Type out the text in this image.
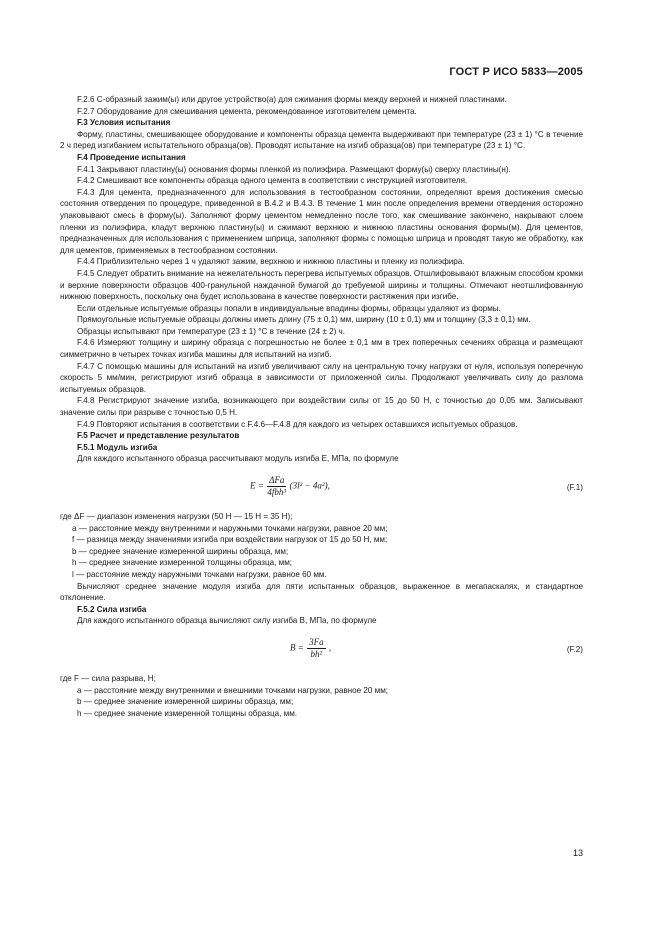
ГОСТ Р ИСО 5833—2005

F.2.6 С-образный зажим(ы) или другое устройство(а) для сжимания формы между верхней и нижней пластинами.

F.2.7 Оборудование для смешивания цемента, рекомендованное изготовителем цемента.

F.3 Условия испытания

Форму, пластины, смешивающее оборудование и компоненты образца цемента выдерживают при температуре (23 ± 1) °С в течение 2 ч перед изгибанием испытательного образца(ов). Проводят испытание на изгиб образца(ов) при температуре (23 ± 1) °С.

F.4 Проведение испытания

F.4.1 Закрывают пластину(ы) основания формы пленкой из полиэфира. Размещают форму(ы) сверху пластины(н).

F.4.2 Смешивают все компоненты образца одного цемента в соответствии с инструкцией изготовителя.

F.4.3 Для цемента, предназначенного для использования в тестообразном состоянии, определяют время достижения смесью состояния отвердения по процедуре, приведенной в В.4.2 и В.4.3. В течение 1 мин после определения времени отвердения осторожно упаковывают смесь в форму(ы). Заполняют форму цементом немедленно после того, как смешивание закончено, накрывают слоем пленки из полиэфира, кладут верхнюю пластину(ы) и сжимают верхнюю и нижнюю пластины основания формы(м). Для цементов, предназначенных для использования с применением шприца, заполняют формы с помощью шприца и проводят такую же обработку, как для цементов, применяемых в тестообразном состоянии.

F.4.4 Приблизительно через 1 ч удаляют зажим, верхнюю и нижнюю пластины и пленку из полиэфира.

F.4.5 Следует обратить внимание на нежелательность перегрева испытуемых образцов. Отшлифовывают влажным способом кромки и верхние поверхности образцов 400-гранульной наждачной бумагой до требуемой ширины и толщины. Отмечают неотшлифованную нижнюю поверхность, поскольку она будет использована в качестве поверхности растяжения при изгибе.

Если отдельные испытуемые образцы попали в индивидуальные впадины формы, образцы удаляют из формы.

Прямоугольные испытуемые образцы должны иметь длину (75 ± 0,1) мм, ширину (10 ± 0,1) мм и толщину (3,3 ± 0,1) мм.

Образцы испытывают при температуре (23 ± 1) °С в течение (24 ± 2) ч.

F.4.6 Измеряют толщину и ширину образца с погрешностью не более ± 0,1 мм в трех поперечных сечениях образца и размещают симметрично в четырех точках изгиба машины для испытаний на изгиб.

F.4.7 С помощью машины для испытаний на изгиб увеличивают силу на центральную точку нагрузки от нуля, используя поперечную скорость 5 мм/мин, регистрируют изгиб образца в зависимости от приложенной силы. Продолжают увеличивать силу до разлома испытуемых образцов.

F.4.8 Регистрируют значение изгиба, возникающего при воздействии силы от 15 до 50 Н, с точностью до 0,05 мм. Записывают значение силы при разрыве с точностью 0,5 Н.

F.4.9 Повторяют испытания в соответствии с F.4.6—F.4.8 для каждого из четырех оставшихся испытуемых образцов.

F.5 Расчет и представление результатов

F.5.1 Модуль изгиба

Для каждого испытанного образца рассчитывают модуль изгиба E, МПа, по формуле

$E = \frac{\text{ΔFa}}{\text{4fbh³}} (3l^2 - 4a^2)$,	(F.1)
где ΔF — диапазон изменения нагрузки (50 Н — 15 Н = 35 Н);
a — расстояние между внутренними и наружными точками нагрузки, равное 20 мм;
f — разница между значениями изгиба при воздействии нагрузок от 15 до 50 Н, мм;
b — среднее значение измеренной ширины образца, мм;
h — среднее значение измеренной толщины образца, мм;
l — расстояние между наружными точками нагрузки, равное 60 мм.

Вычисляют среднее значение модуля изгиба для пяти испытанных образцов, выраженное в мегапаскалях, и стандартное отклонение.

F.5.2 Сила изгиба

Для каждого испытанного образца вычисляют силу изгиба B, МПа, по формуле

$B = \frac{3Fa}{\text{bh²}}$ ,	(F.2)
где F — сила разрыва, Н;
a — расстояние между внутренними и внешними точками нагрузки, равное 20 мм;
b — среднее значение измеренной ширины образца, мм;
h — среднее значение измеренной толщины образца, мм.
13
